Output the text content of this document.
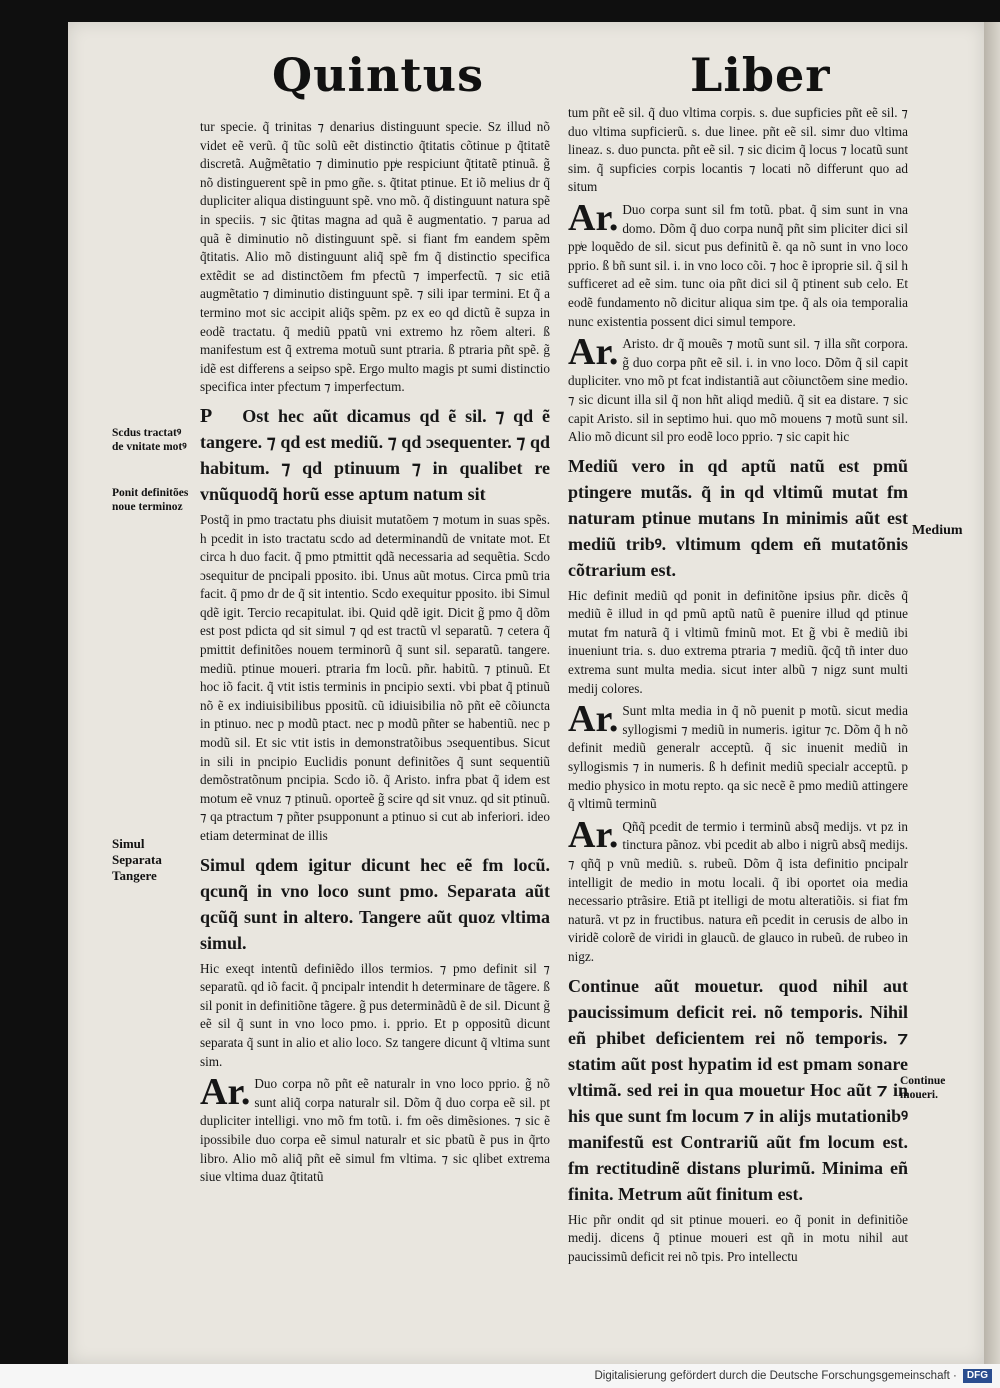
Quintus	Liber

tur specie. q̃ trinitas ⁊ denarius distinguunt specie. Sz illud nõ videt eẽ verũ. q̃ tũc solũ eẽt distinctio q̃titatis cõtinue p q̃titatẽ discretã. Aug̃mẽtatio ⁊ diminutio ppͥe respiciunt q̃titatẽ ptinuã. g̃ nõ distinguerent spẽ in pmo gñe. s. q̃titat ptinue. Et iõ melius dr q̃ dupliciter aliqua distinguunt spẽ. vno mõ. q̃ distinguunt natura spẽ in speciis. ⁊ sic q̃titas magna ad quã ẽ augmentatio. ⁊ parua ad quã ẽ diminutio nõ distinguunt spẽ. si fiant fm eandem spẽm q̃titatis. Alio mõ distinguunt aliq̃ spẽ fm q̃ distinctio specifica extẽdit se ad distinctõem fm pfectũ ⁊ imperfectũ. ⁊ sic etiã augmẽtatio ⁊ diminutio distinguunt spẽ. ⁊ sili ipar termini. Et q̃ a termino mot sic accipit aliq̃s spẽm. pz ex eo qd dictũ ẽ supza in eodẽ tractatu. q̃ mediũ ppatũ vni extremo hz rõem alteri. ß manifestum est q̃ extrema motuũ sunt ptraria. ß ptraria pñt spẽ. g̃ idẽ est differens a seipso spẽ. Ergo multo magis pt sumi distinctio specifica inter pfectum ⁊ imperfectum.

P Ost hec aũt dicamus qd ẽ sil. ⁊ qd ẽ tangere. ⁊ qd est mediũ. ⁊ qd ɔsequenter. ⁊ qd habitum. ⁊ qd ptinuum ⁊ in qualibet re vnũquodq̃ horũ esse aptum natum sit

Postq̃ in pmo tractatu phs diuisit mutatõem ⁊ motum in suas spẽs. h pcedit in isto tractatu scdo ad determinandũ de vnitate mot. Et circa h duo facit. q̃ pmo ptmittit qdã necessaria ad sequẽtia. Scdo ɔsequitur de pncipali pposito. ibi. Unus aũt motus. Circa pmũ tria facit. q̃ pmo dr de q̃ sit intentio. Scdo exequitur pposito. ibi Simul qdẽ igit. Tercio recapitulat. ibi. Quid qdẽ igit. Dicit g̃ pmo q̃ dõm est post pdicta qd sit simul ⁊ qd est tractũ vl separatũ. ⁊ cetera q̃ pmittit definitões nouem terminorũ q̃ sunt sil. separatũ. tangere. mediũ. ptinue moueri. ptraria fm locũ. pñr. habitũ. ⁊ ptinuũ. Et hoc iõ facit. q̃ vtit istis terminis in pncipio sexti. vbi pbat q̃ ptinuũ nõ ẽ ex indiuisibilibus ppositũ. cũ idiuisibilia nõ pñt eẽ cõiuncta in ptinuo. nec p modũ ptact. nec p modũ pñter se habentiũ. nec p modũ sil. Et sic vtit istis in demonstratõibus ɔsequentibus. Sicut in sili in pncipio Euclidis ponunt definitões q̃ sunt sequentiũ demõstratõnum pncipia. Scdo iõ. q̃ Aristo. infra pbat q̃ idem est motum eẽ vnuz ⁊ ptinuũ. oporteẽ g̃ scire qd sit vnuz. qd sit ptinuũ. ⁊ qa ptractum ⁊ pñter psupponunt a ptinuo si cut ab inferiori. ideo etiam determinat de illis

Simul qdem igitur dicunt hec eẽ fm locũ. qcunq̃ in vno loco sunt pmo. Separata aũt qcũq̃ sunt in altero. Tangere aũt quoz vltima simul.

Hic exeqt intentũ definiẽdo illos termios. ⁊ pmo definit sil ⁊ separatũ. qd iõ facit. q̃ pncipalr intendit h determinare de tãgere. ß sil ponit in definitiõne tãgere. g̃ pus determinãdũ ẽ de sil. Dicunt g̃ eẽ sil q̃ sunt in vno loco pmo. i. pprio. Et p oppositũ dicunt separata q̃ sunt in alio et alio loco. Sz tangere dicunt q̃ vltima sunt sim.

Ar. Duo corpa nõ pñt eẽ naturalr in vno loco pprio. g̃ nõ sunt aliq̃ corpa naturalr sil. Dõm q̃ duo corpa eẽ sil. pt dupliciter intelligi. vno mõ fm totũ. i. fm oẽs dimẽsiones. ⁊ sic ẽ ipossibile duo corpa eẽ simul naturalr et sic pbatũ ẽ pus in q̃rto libro. Alio mõ aliq̃ pñt eẽ simul fm vltima. ⁊ sic qlibet extrema siue vltima duaz q̃titatũ

tum pñt eẽ sil. q̃ duo vltima corpis. s. due supficies pñt eẽ sil. ⁊ duo vltima supficierũ. s. due linee. pñt eẽ sil. simr duo vltima lineaz. s. duo puncta. pñt eẽ sil. ⁊ sic dicim q̃ locus ⁊ locatũ sunt sim. q̃ supficies corpis locantis ⁊ locati nõ differunt quo ad situm

Ar. Duo corpa sunt sil fm totũ. pbat. q̃ sim sunt in vna domo. Dõm q̃ duo corpa nunq̃ pñt sim pliciter dici sil ppͥe loquẽdo de sil. sicut pus definitũ ẽ. qa nõ sunt in vno loco pprio. ß bñ sunt sil. i. in vno loco cõi. ⁊ hoc ẽ iproprie sil. q̃ sil h sufficeret ad eẽ sim. tunc oia pñt dici sil q̃ ptinent sub celo. Et eodẽ fundamento nõ dicitur aliqua sim tpe. q̃ als oia temporalia nunc existentia possent dici simul tempore.

Ar. Aristo. dr q̃ mouẽs ⁊ motũ sunt sil. ⁊ illa sñt corpora. g̃ duo corpa pñt eẽ sil. i. in vno loco. Dõm q̃ sil capit dupliciter. vno mõ pt fcat indistantiã aut cõiunctõem sine medio. ⁊ sic dicunt illa sil q̃ non hñt aliqd mediũ. q̃ sit ea distare. ⁊ sic capit Aristo. sil in septimo hui. quo mõ mouens ⁊ motũ sunt sil. Alio mõ dicunt sil pro eodẽ loco pprio. ⁊ sic capit hic

Mediũ vero in qd aptũ natũ est pmũ ptingere mutãs. q̃ in qd vltimũ mutat fm naturam ptinue mutans In minimis aũt est mediũ tribꝰ. vltimum qdem eñ mutatõnis cõtrarium est.

Hic definit mediũ qd ponit in definitõne ipsius pñr. dicẽs q̃ mediũ ẽ illud in qd pmũ aptũ natũ ẽ puenire illud qd ptinue mutat fm naturã q̃ i vltimũ fminũ mot. Et g̃ vbi ẽ mediũ ibi inueniunt tria. s. duo extrema ptraria ⁊ mediũ. q̃cq̃ tñ inter duo extrema sunt multa media. sicut inter albũ ⁊ nigz sunt multi medij colores.

Ar. Sunt mlta media in q̃ nõ puenit p motũ. sicut media syllogismi ⁊ mediũ in numeris. igitur ⁊c. Dõm q̃ h nõ definit mediũ generalr acceptũ. q̃ sic inuenit mediũ in syllogismis ⁊ in numeris. ß h definit mediũ specialr acceptũ. p medio physico in motu repto. qa sic necẽ ẽ pmo mediũ attingere q̃ vltimũ terminũ

Ar. Qñq̃ pcedit de termio i terminũ absq̃ medijs. vt pz in tinctura pãnoz. vbi pcedit ab albo i nigrũ absq̃ medijs. ⁊ qñq̃ p vnũ mediũ. s. rubeũ. Dõm q̃ ista definitio pncipalr intelligit de medio in motu locali. q̃ ibi oportet oia media necessario ptrãsire. Etiã pt itelligi de motu alteratiõis. si fiat fm naturã. vt pz in fructibus. natura eñ pcedit in cerusis de albo in viridẽ colorẽ de viridi in glaucũ. de glauco in rubeũ. de rubeo in nigz.

Continue aũt mouetur. quod nihil aut paucissimum deficit rei. nõ temporis. Nihil eñ phibet deficientem rei nõ temporis. ⁊ statim aũt post hypatim id est pmam sonare vltimã. sed rei in qua mouetur Hoc aũt ⁊ in his que sunt fm locum ⁊ in alijs mutationibꝰ manifestũ est Contrariũ aũt fm locum est. fm rectitudinẽ distans plurimũ. Minima eñ finita. Metrum aũt finitum est.

Hic pñr ondit qd sit ptinue moueri. eo q̃ ponit in definitiõe medij. dicens q̃ ptinue moueri est qñ in motu nihil aut paucissimũ deficit rei nõ tpis. Pro intellectu

Scdus tractatꝰ de vnitate motꝰ
Ponit definitões noue terminoz
Simul Separata Tangere
Medium
Continue moueri.
Digitalisierung gefördert durch die Deutsche Forschungsgemeinschaft · DFG
